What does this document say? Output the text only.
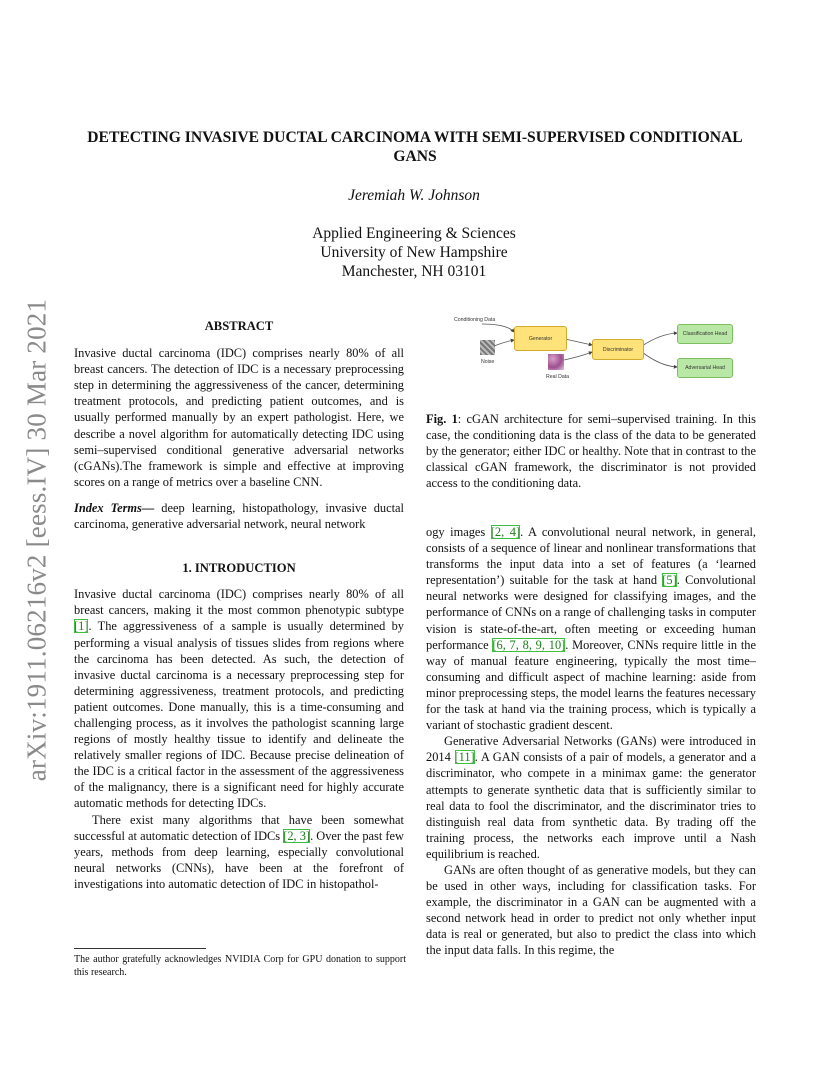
arXiv:1911.06216v2 [eess.IV] 30 Mar 2021
DETECTING INVASIVE DUCTAL CARCINOMA WITH SEMI-SUPERVISED CONDITIONAL GANS
Jeremiah W. Johnson
Applied Engineering & Sciences
University of New Hampshire
Manchester, NH 03101

ABSTRACT

Invasive ductal carcinoma (IDC) comprises nearly 80% of all breast cancers. The detection of IDC is a necessary preprocessing step in determining the aggressiveness of the cancer, determining treatment protocols, and predicting patient outcomes, and is usually performed manually by an expert pathologist. Here, we describe a novel algorithm for automatically detecting IDC using semi–supervised conditional generative adversarial networks (cGANs).The framework is simple and effective at improving scores on a range of metrics over a baseline CNN.

Index Terms— deep learning, histopathology, invasive ductal carcinoma, generative adversarial network, neural network

1. INTRODUCTION

Invasive ductal carcinoma (IDC) comprises nearly 80% of all breast cancers, making it the most common phenotypic subtype [1]. The aggressiveness of a sample is usually determined by performing a visual analysis of tissues slides from regions where the carcinoma has been detected. As such, the detection of invasive ductal carcinoma is a necessary preprocessing step for determining aggressiveness, treatment protocols, and predicting patient outcomes. Done manually, this is a time-consuming and challenging process, as it involves the pathologist scanning large regions of mostly healthy tissue to identify and delineate the relatively smaller regions of IDC. Because precise delineation of the IDC is a critical factor in the assessment of the aggressiveness of the malignancy, there is a significant need for highly accurate automatic methods for detecting IDCs.

There exist many algorithms that have been somewhat successful at automatic detection of IDCs [2, 3]. Over the past few years, methods from deep learning, especially convolutional neural networks (CNNs), have been at the forefront of investigations into automatic detection of IDC in histopathol-

The author gratefully acknowledges NVIDIA Corp for GPU donation to support this research.
Conditioning Data
Generator
Discriminator
Classification Head
Adversarial Head
Noise
Real Data
Fig. 1: cGAN architecture for semi–supervised training. In this case, the conditioning data is the class of the data to be generated by the generator; either IDC or healthy. Note that in contrast to the classical cGAN framework, the discriminator is not provided access to the conditioning data.

ogy images [2, 4]. A convolutional neural network, in general, consists of a sequence of linear and nonlinear transformations that transforms the input data into a set of features (a ‘learned representation’) suitable for the task at hand [5]. Convolutional neural networks were designed for classifying images, and the performance of CNNs on a range of challenging tasks in computer vision is state-of-the-art, often meeting or exceeding human performance [6, 7, 8, 9, 10]. Moreover, CNNs require little in the way of manual feature engineering, typically the most time–consuming and difficult aspect of machine learning: aside from minor preprocessing steps, the model learns the features necessary for the task at hand via the training process, which is typically a variant of stochastic gradient descent.

Generative Adversarial Networks (GANs) were introduced in 2014 [11]. A GAN consists of a pair of models, a generator and a discriminator, who compete in a minimax game: the generator attempts to generate synthetic data that is sufficiently similar to real data to fool the discriminator, and the discriminator tries to distinguish real data from synthetic data. By trading off the training process, the networks each improve until a Nash equilibrium is reached.

GANs are often thought of as generative models, but they can be used in other ways, including for classification tasks. For example, the discriminator in a GAN can be augmented with a second network head in order to predict not only whether input data is real or generated, but also to predict the class into which the input data falls. In this regime, the
